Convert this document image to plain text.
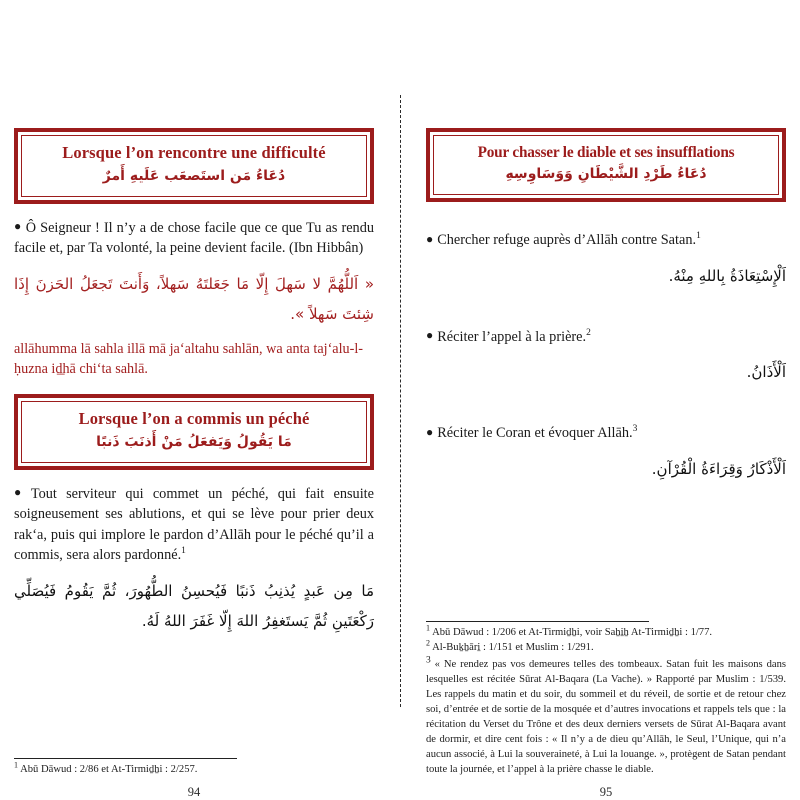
Lorsque l’on rencontre une difficulté
دُعَاءُ مَن استَصعَب عَلَيهِ أَمرٌ

● Ô Seigneur ! Il n’y a de chose facile que ce que Tu as rendu facile et, par Ta volonté, la peine devient facile. (Ibn Hibbân)

« اَللُّهُمَّ لا سَهلَ إِلّا مَا جَعَلتَهُ سَهلاً، وَأَنتَ تَجعَلُ الحَزنَ إِذَا شِئتَ سَهلاً ».

allāhumma lā sahla illā mā ja‘altahu sahlān, wa anta taj‘alu-l-ḥuzna iḏ̱hā chi‘ta sahlā.

Lorsque l’on a commis un péché
مَا يَقُولُ وَيَفعَلُ مَنْ أَذنَبَ ذَنبًا

● Tout serviteur qui commet un péché, qui fait ensuite soigneusement ses ablutions, et qui se lève pour prier deux rak‘a, puis qui implore le pardon d’Allāh pour le péché qu’il a commis, sera alors pardonné.$^1$

مَا مِن عَبدٍ يُذنِبُ ذَنبًا فَيُحسِنُ الطُّهُورَ، ثُمَّ يَقُومُ فَيُصَلِّي رَكْعَتَينِ ثُمَّ يَستَغفِرُ اللهَ إِلّا غَفَرَ اللهُ لَهُ.

$^1$ Abū Dāwud : 2/86 et At-Tirmiḏẖi : 2/257.

94
Pour chasser le diable et ses insufflations
دُعَاءُ طَرْدِ الشَّيْطَانِ وَوَسَاوِسِهِ

● Chercher refuge auprès d’Allāh contre Satan.$^1$

اَلْإِسْتِعَاذَةُ بِاللهِ مِنْهُ.

● Réciter l’appel à la prière.$^2$

اَلْأَذَانُ.

● Réciter le Coran et évoquer Allāh.$^3$

اَلْأَذْكَارُ وَقِرَاءَةُ الْقُرْآنِ.

$^1$ Abū Dāwud : 1/206 et At-Tirmiḏẖi, voir Saẖi̱ẖ At-Tirmiḏẖi : 1/77.

$^2$ Al-Buḵẖāri̱ : 1/151 et Muslim : 1/291.

$^3$ « Ne rendez pas vos demeures telles des tombeaux. Satan fuit les maisons dans lesquelles est récitée Sūrat Al-Baqara (La Vache). » Rapporté par Muslim : 1/539. Les rappels du matin et du soir, du sommeil et du réveil, de sortie et de retour chez soi, d’entrée et de sortie de la mosquée et d’autres invocations et rappels tels que : la récitation du Verset du Trône et des deux derniers versets de Sūrat Al-Baqara avant de dormir, et dire cent fois : « Il n’y a de dieu qu’Allāh, le Seul, l’Unique, qui n’a aucun associé, à Lui la souveraineté, à Lui la louange. », protègent de Satan pendant toute la journée, et l’appel à la prière chasse le diable.

95
